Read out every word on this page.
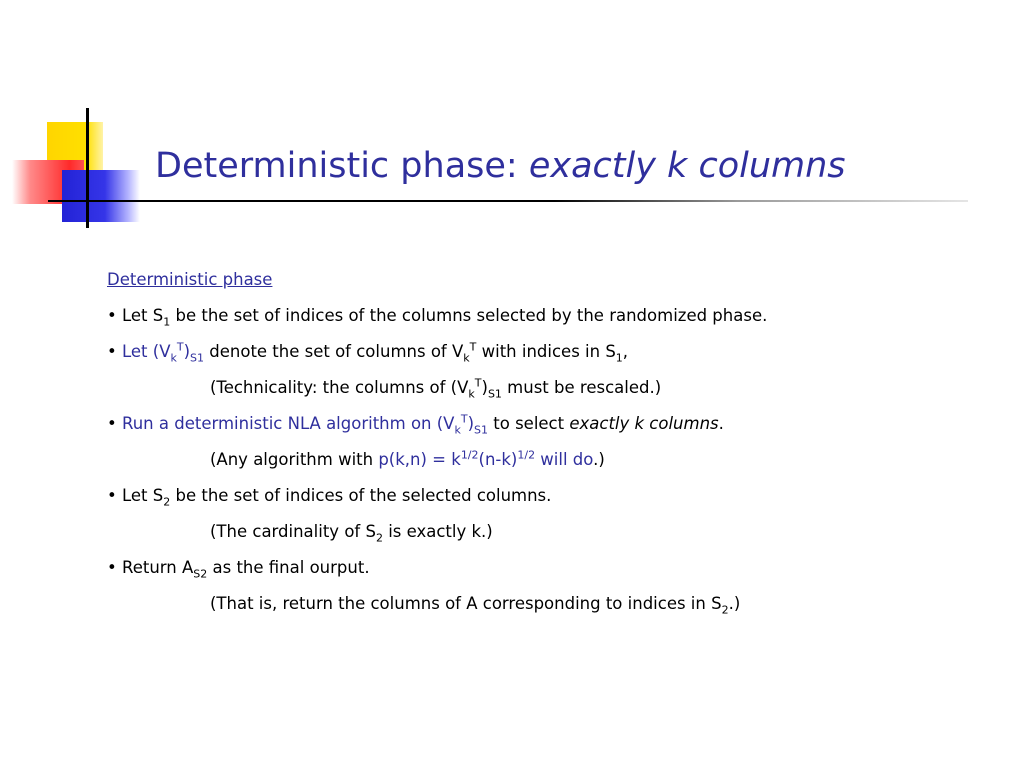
Deterministic phase: exactly k columns
Deterministic phase
• Let $S_1$ be the set of indices of the columns selected by the randomized phase.
• Let $(V_k^T)_{S1}$ denote the set of columns of $V_k^T$ with indices in $S_1$,
(Technicality: the columns of $(V_k^T)_{S1}$ must be rescaled.)
• Run a deterministic NLA algorithm on $(V_k^T)_{S1}$ to select exactly k columns.
(Any algorithm with $p(k,n) = k^{1/2}(n-k)^{1/2}$ will do.)
• Let $S_2$ be the set of indices of the selected columns.
(The cardinality of $S_2$ is exactly k.)
• Return $A_{S2}$ as the final ourput.
(That is, return the columns of A corresponding to indices in $S_2$.)
